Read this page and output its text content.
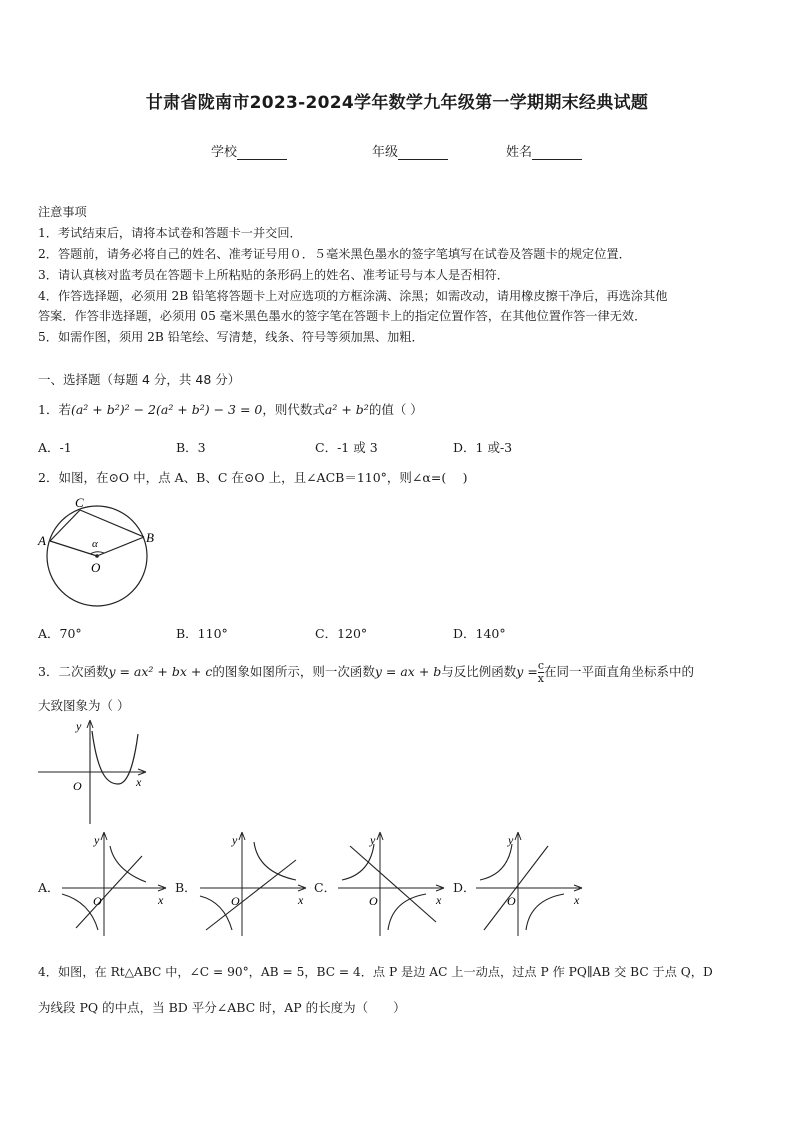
甘肃省陇南市2023-2024学年数学九年级第一学期期末经典试题
学校	年级	姓名
注意事项
1．考试结束后，请将本试卷和答题卡一并交回．
2．答题前，请务必将自己的姓名、准考证号用０．５毫米黑色墨水的签字笔填写在试卷及答题卡的规定位置．
3．请认真核对监考员在答题卡上所粘贴的条形码上的姓名、准考证号与本人是否相符．
4．作答选择题，必须用 2B 铅笔将答题卡上对应选项的方框涂满、涂黑；如需改动，请用橡皮擦干净后，再选涂其他
答案．作答非选择题，必须用 05 毫米黑色墨水的签字笔在答题卡上的指定位置作答，在其他位置作答一律无效．
5．如需作图，须用 2B 铅笔绘、写清楚，线条、符号等须加黑、加粗．
一、选择题（每题 4 分，共 48 分）
1．若(a² + b²)² − 2(a² + b²) − 3 = 0，则代数式a² + b²的值（ ）
A．-1	B．3	C．-1 或 3	D．1 或-3
2．如图，在⊙O 中，点 A、B、C 在⊙O 上，且∠ACB＝110°，则∠α=(　 )
C
A	B
O
α
A．70°	B．110°	C．120°	D．140°
3．二次函数y = ax² + bx + c的图象如图所示，则一次函数y = ax + b与反比例函数$y = \frac{c}{x}$ 在同一平面直角坐标系中的
大致图象为（ ）
y
x
O
A．
y
x
O
B．
y
x
O
C．
y
x
O
D．
y
x
O
4．如图，在 Rt△ABC 中，∠C = 90°，AB = 5，BC = 4．点 P 是边 AC 上一动点，过点 P 作 PQ∥AB 交 BC 于点 Q，D
为线段 PQ 的中点，当 BD 平分∠ABC 时，AP 的长度为（　　）
